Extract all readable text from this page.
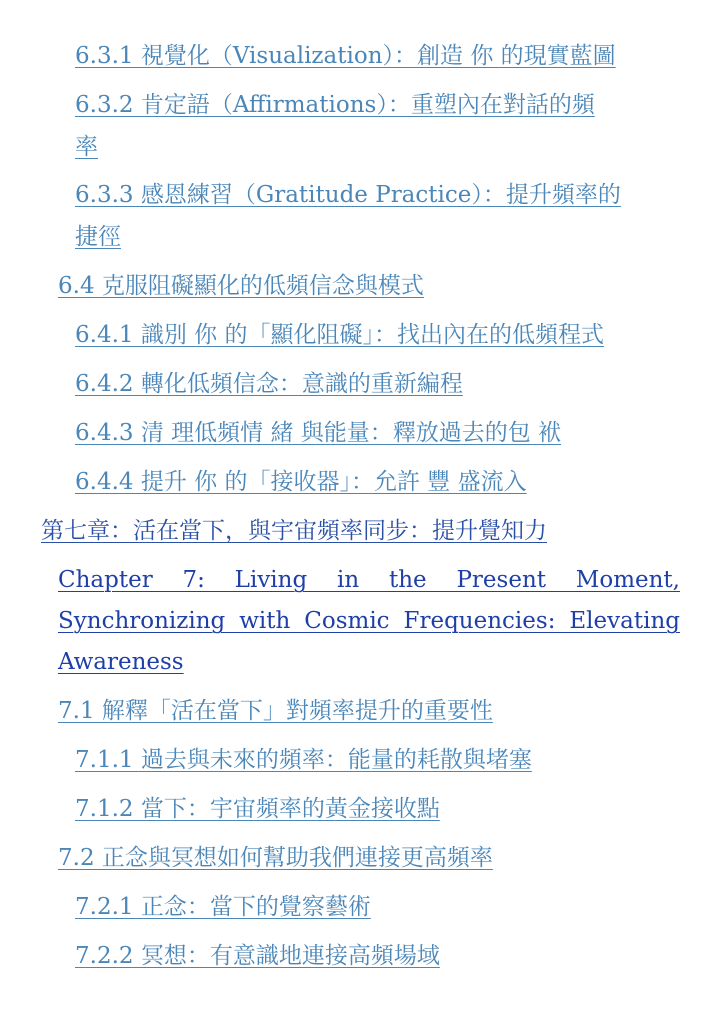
6.3.1 視覺化（Visualization）：創造 你 的現實藍圖
6.3.2 肯定語（Affirmations）：重塑內在對話的頻
率
6.3.3 感恩練習（Gratitude Practice）：提升頻率的
捷徑
6.4 克服阻礙顯化的低頻信念與模式
6.4.1 識別 你 的「顯化阻礙」：找出內在的低頻程式
6.4.2 轉化低頻信念：意識的重新編程
6.4.3 清 理低頻情 緒 與能量：釋放過去的包 袱
6.4.4 提升 你 的「接收器」：允許 豐 盛流入
第七章：活在當下，與宇宙頻率同步：提升覺知力
Chapter 7: Living in the Present Moment, Synchronizing with Cosmic Frequencies: Elevating Awareness
7.1 解釋「活在當下」對頻率提升的重要性
7.1.1 過去與未來的頻率：能量的耗散與堵塞
7.1.2 當下：宇宙頻率的黃金接收點
7.2 正念與冥想如何幫助我們連接更高頻率
7.2.1 正念：當下的覺察藝術
7.2.2 冥想：有意識地連接高頻場域
